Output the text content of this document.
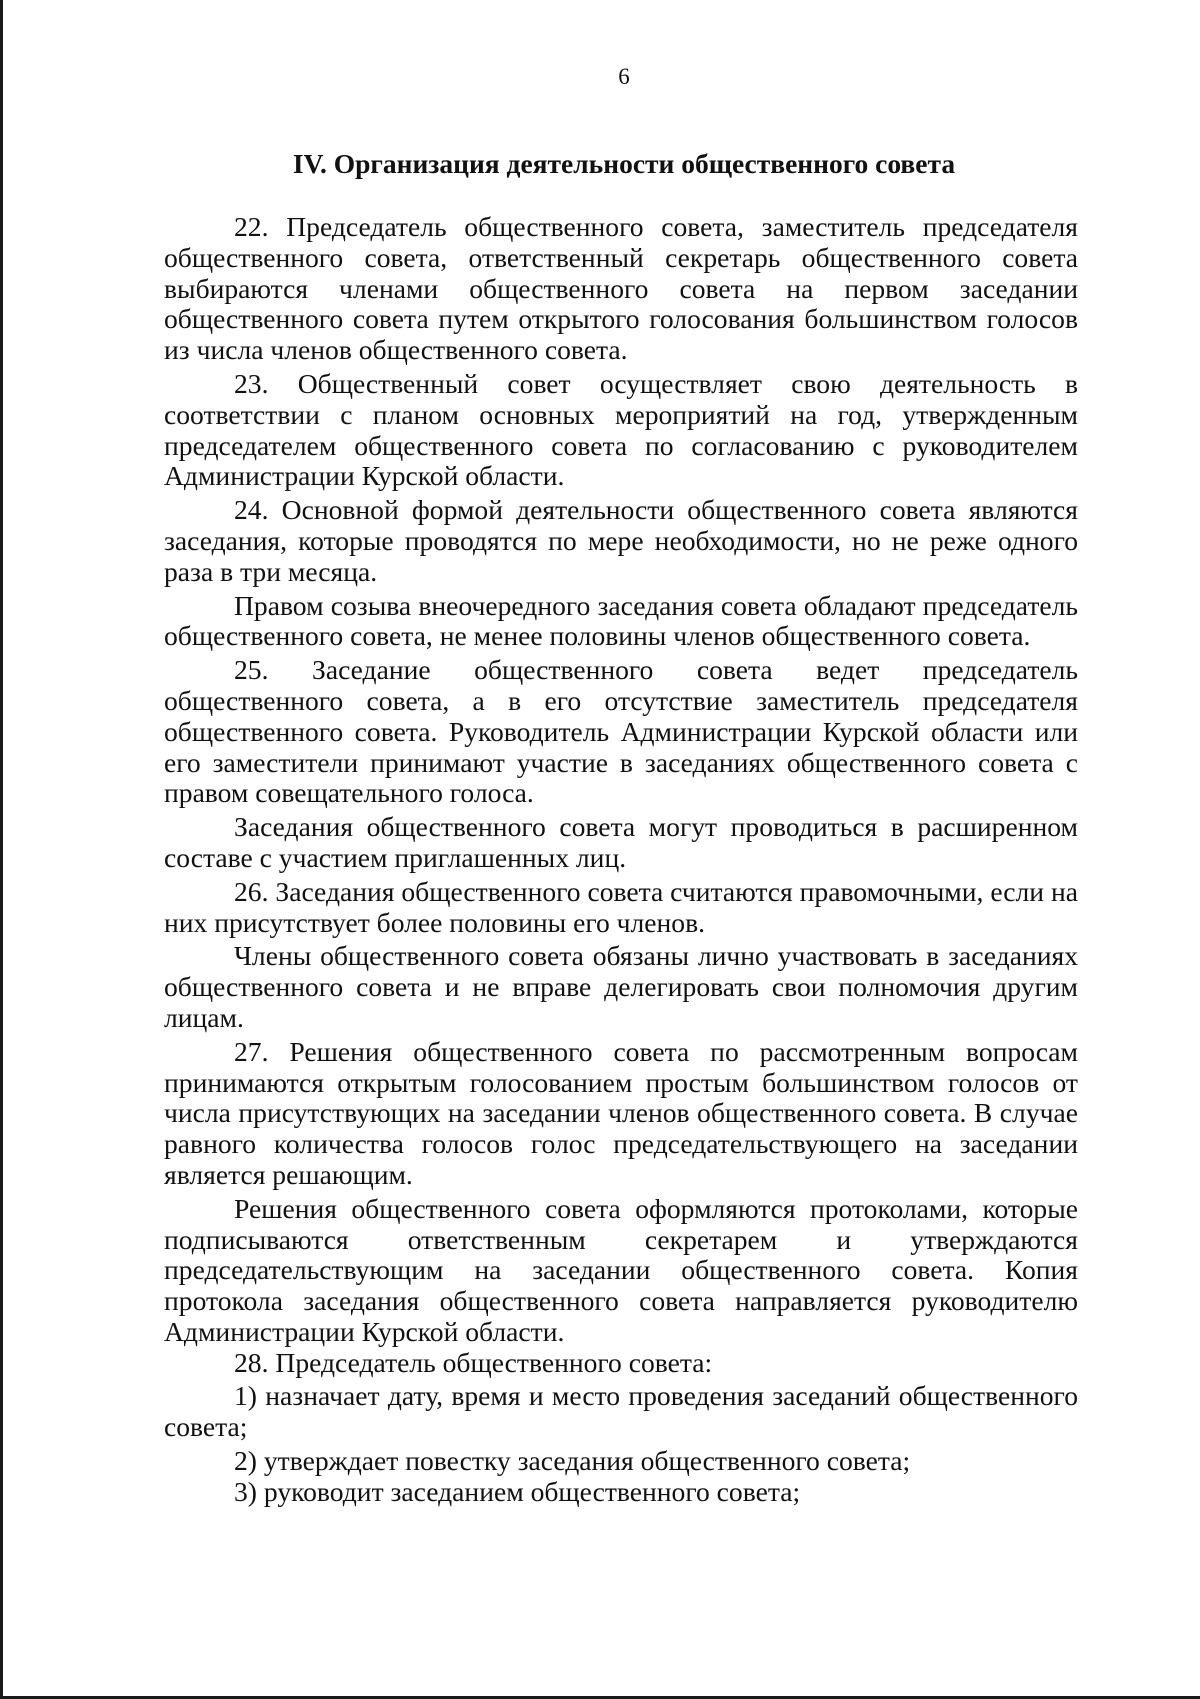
6
IV. Организация деятельности общественного совета

22. Председатель общественного совета, заместитель председателя общественного совета, ответственный секретарь общественного совета выбираются членами общественного совета на первом заседании общественного совета путем открытого голосования большинством голосов из числа членов общественного совета.

23. Общественный совет осуществляет свою деятельность в соответствии с планом основных мероприятий на год, утвержденным председателем общественного совета по согласованию с руководителем Администрации Курской области.

24. Основной формой деятельности общественного совета являются заседания, которые проводятся по мере необходимости, но не реже одного раза в три месяца.

Правом созыва внеочередного заседания совета обладают председатель общественного совета, не менее половины членов общественного совета.

25. Заседание общественного совета ведет председатель общественного совета, а в его отсутствие заместитель председателя общественного совета. Руководитель Администрации Курской области или его заместители принимают участие в заседаниях общественного совета с правом совещательного голоса.

Заседания общественного совета могут проводиться в расширенном составе с участием приглашенных лиц.

26. Заседания общественного совета считаются правомочными, если на них присутствует более половины его членов.

Члены общественного совета обязаны лично участвовать в заседаниях общественного совета и не вправе делегировать свои полномочия другим лицам.

27. Решения общественного совета по рассмотренным вопросам принимаются открытым голосованием простым большинством голосов от числа присутствующих на заседании членов общественного совета. В случае равного количества голосов голос председательствующего на заседании является решающим.

Решения общественного совета оформляются протоколами, которые подписываются ответственным секретарем и утверждаются председательствующим на заседании общественного совета. Копия протокола заседания общественного совета направляется руководителю Администрации Курской области.

28. Председатель общественного совета:

1) назначает дату, время и место проведения заседаний общественного совета;

2) утверждает повестку заседания общественного совета;

3) руководит заседанием общественного совета;
